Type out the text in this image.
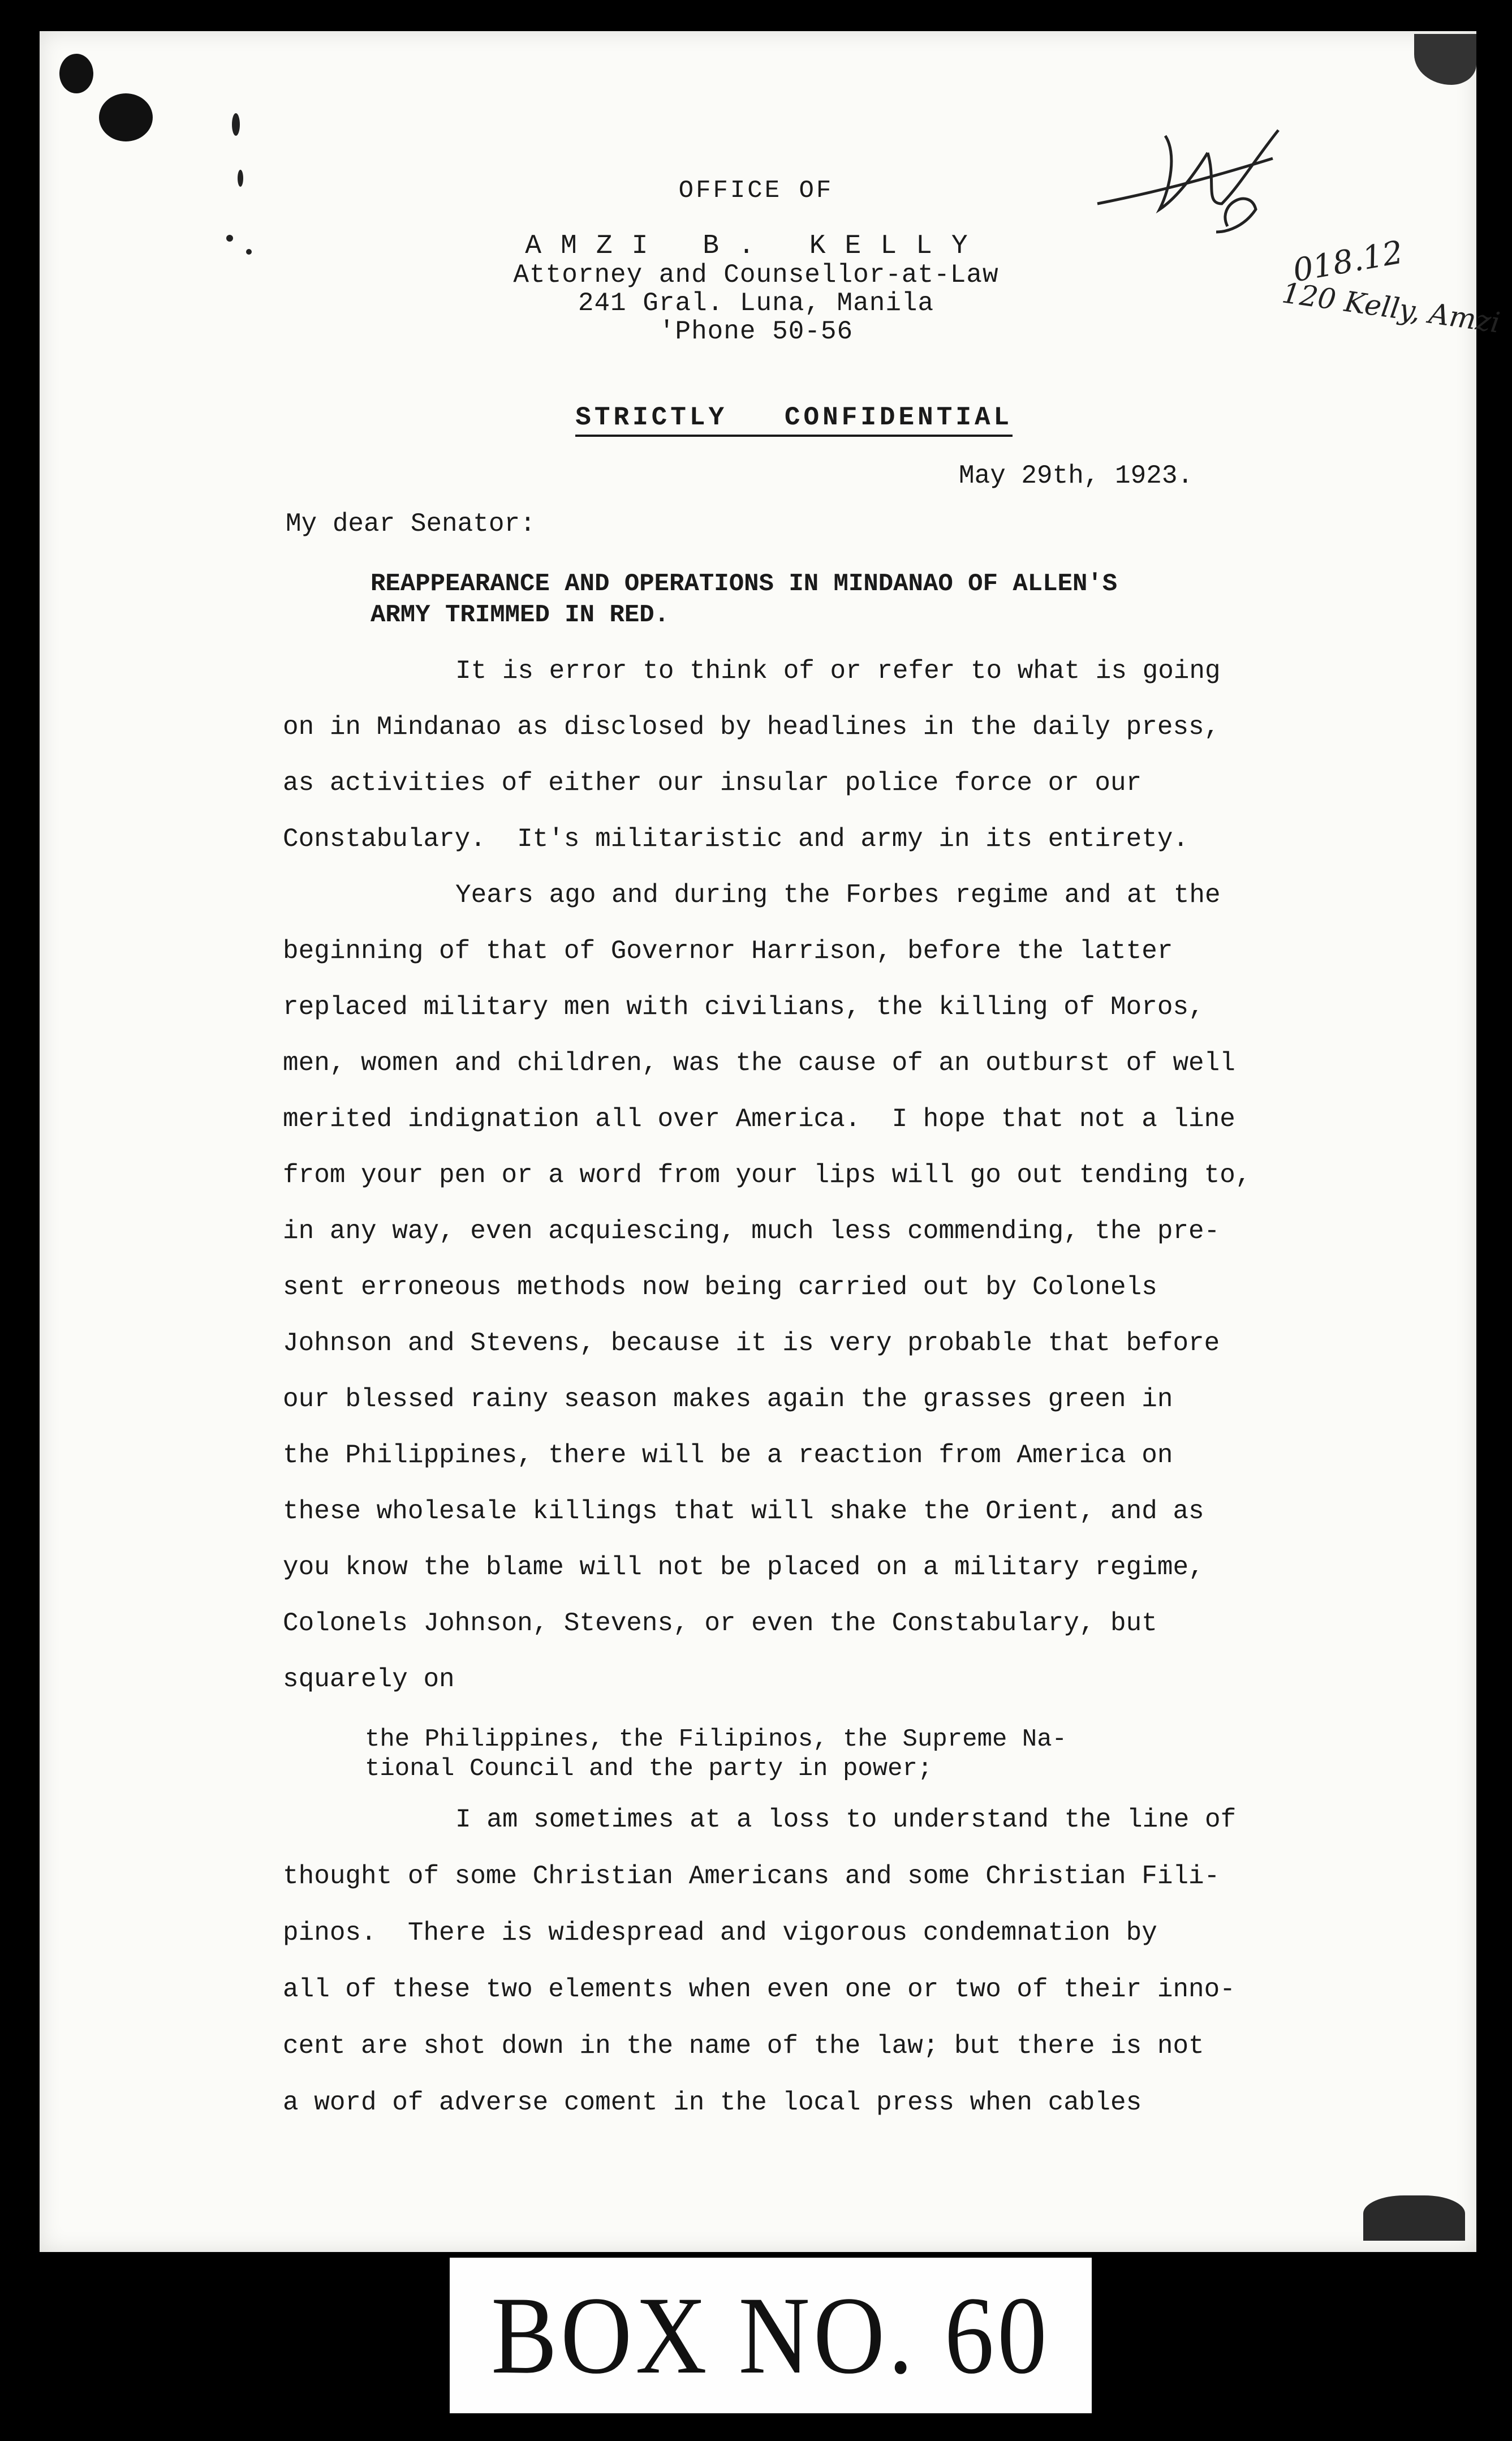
OFFICE OF
AMZI B. KELLY
Attorney and Counsellor-at-Law
241 Gral. Luna, Manila
'Phone 50-56

STRICTLY   CONFIDENTIAL

018.12
120 Kelly, Amzi
May 29th, 1923.
My dear Senator:
REAPPEARANCE AND OPERATIONS IN MINDANAO OF ALLEN'S
ARMY TRIMMED IN RED.
It is error to think of or refer to what is going
on in Mindanao as disclosed by headlines in the daily press,
as activities of either our insular police force or our
Constabulary.  It's militaristic and army in its entirety.
Years ago and during the Forbes regime and at the
beginning of that of Governor Harrison, before the latter
replaced military men with civilians, the killing of Moros,
men, women and children, was the cause of an outburst of well
merited indignation all over America.  I hope that not a line
from your pen or a word from your lips will go out tending to,
in any way, even acquiescing, much less commending, the pre-
sent erroneous methods now being carried out by Colonels
Johnson and Stevens, because it is very probable that before
our blessed rainy season makes again the grasses green in
the Philippines, there will be a reaction from America on
these wholesale killings that will shake the Orient, and as
you know the blame will not be placed on a military regime,
Colonels Johnson, Stevens, or even the Constabulary, but
squarely on
the Philippines, the Filipinos, the Supreme Na-
tional Council and the party in power;
I am sometimes at a loss to understand the line of
thought of some Christian Americans and some Christian Fili-
pinos.  There is widespread and vigorous condemnation by
all of these two elements when even one or two of their inno-
cent are shot down in the name of the law; but there is not
a word of adverse coment in the local press when cables
BOX NO. 60
